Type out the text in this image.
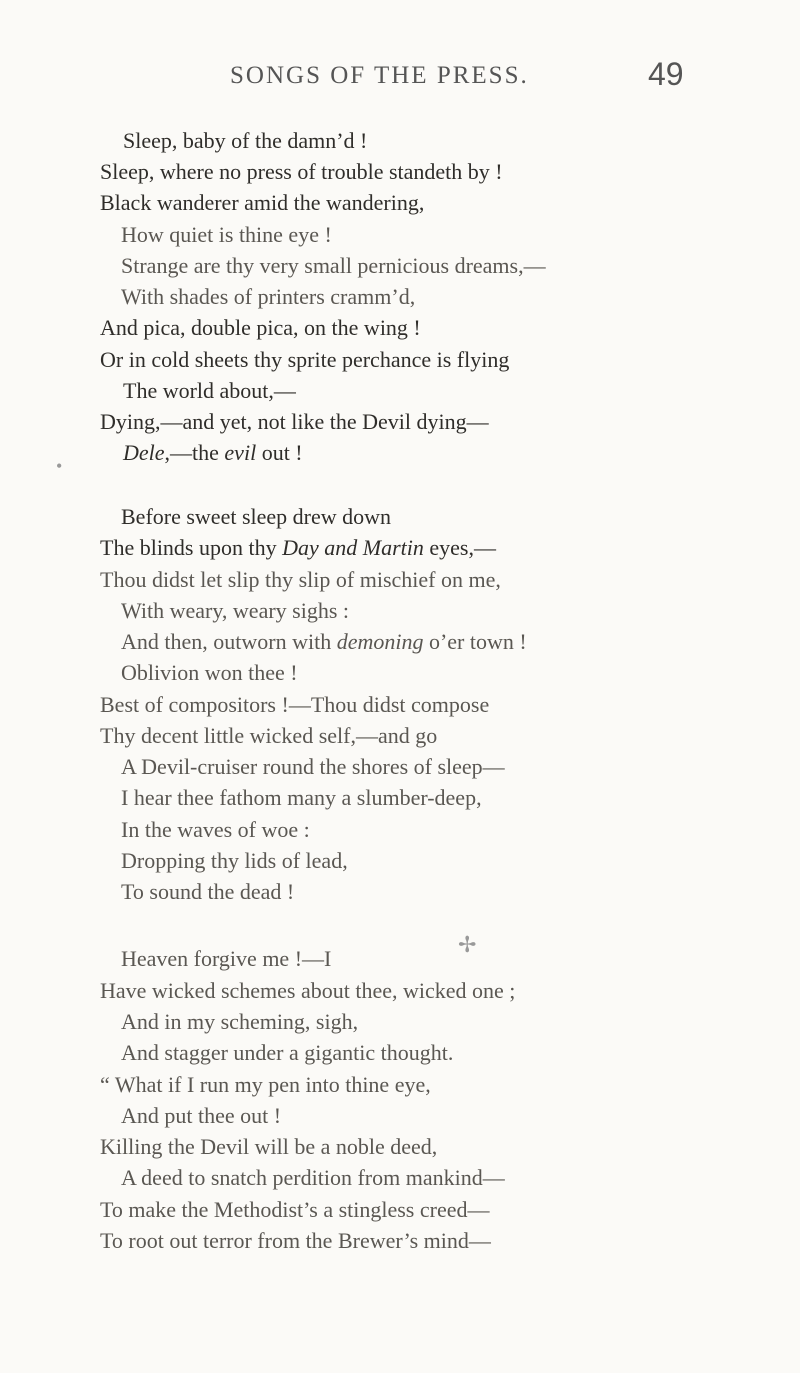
SONGS OF THE PRESS.	49
Sleep, baby of the damn’d !
Sleep, where no press of trouble standeth by !
Black wanderer amid the wandering,
How quiet is thine eye !
Strange are thy very small pernicious dreams,—
With shades of printers cramm’d,
And pica, double pica, on the wing !
Or in cold sheets thy sprite perchance is flying
The world about,—
Dying,—and yet, not like the Devil dying—
Dele,—the evil out !
•
Before sweet sleep drew down
The blinds upon thy Day and Martin eyes,—
Thou didst let slip thy slip of mischief on me,
With weary, weary sighs :
And then, outworn with demoning o’er town !
Oblivion won thee !
Best of compositors !—Thou didst compose
Thy decent little wicked self,—and go
A Devil-cruiser round the shores of sleep—
I hear thee fathom many a slumber-deep,
In the waves of woe :
Dropping thy lids of lead,
To sound the dead !
✢
Heaven forgive me !—I
Have wicked schemes about thee, wicked one ;
And in my scheming, sigh,
And stagger under a gigantic thought.
“ What if I run my pen into thine eye,
And put thee out !
Killing the Devil will be a noble deed,
A deed to snatch perdition from mankind—
To make the Methodist’s a stingless creed—
To root out terror from the Brewer’s mind—
